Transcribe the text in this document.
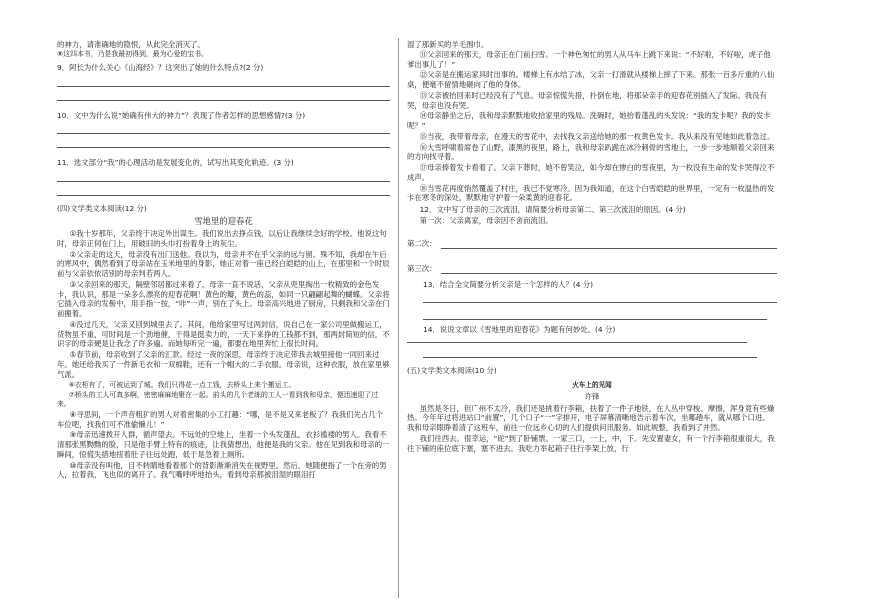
的神力，请准确地的隐恨，从此完全消灭了。

⑧这四本书，乃是我最初得到，最为心爱的宝书。

9．阿长为什么关心《山海经》？这突出了她的什么特点?(2 分)

10．文中为什么说“她确有伟大的神力”？表现了作者怎样的思想感情?(3 分)

11．选文部分“我”的心理活动是发展变化的，试写出其变化轨迹。(3 分)

(四)文学类文本阅读(12 分)

雪地里的迎春花

①我十岁那年，父亲终于决定外出谋生。我们说出去挣点钱，以后让我继续念好的学校。他说这句时，母亲正伺在门上，用破旧的头巾打扮着身上的灰尘。

②父亲走的这天，母亲没有出门送他。我以为，母亲并不在乎父亲的远与留。殊不知，我却在午后的寒风中，偶然看到了母亲站在玉米地里的身影，她正对着一座已经白皑皑的山上，在那里和一个时辰前与父亲依依话别的母亲判若两人。

③父亲回来的那天，隔壁邻居都过来看了。母亲一直不说话，父亲从兜里掏出一枚精致的金色发卡，我认识，那是一朵多么漂亮的迎春花啊！黄色的瓣，黄色的蕊，如同一只翩翩起舞的蝴蝶。父亲将它插入母亲的发髻中，用手指一按，“咔”一声，别在了头上。母亲高兴地进了厨房，只剩我和父亲在门前搬着。

④没过几天，父亲又回到城里去了。其间，他给家里写过两封信，说自己在一家公司里做搬运工，货物虽不重，可时间是一个劲地催，干得是挺卖力的，一天下来挣的工钱都不到，那两封简短的信，不识字的母亲硬是让我念了许多遍。而她每听完一遍，都要在地里奔忙上很长时间。

⑤春节前，母亲收到了父亲的汇款。经过一夜的深思，母亲终于决定带我去城里接他一同回来过年。她还给我买了一件新毛衣和一双棉鞋，还有一个帽大的二手衣服。母亲说，这种衣服，放在家里够气派。

⑥衣柜有了，可被运到了城。我们只得花一点工钱，去桥头上来个搬运工。

⑦桥头的工人可真多啊，密密麻麻地聚在一起。前头的几个老练的工人一看到我和母亲，便迅速迎了过来。

⑧寻思间，一个声音粗犷的男人对着密集的小工打趣：“哪，是不是又来老板了？我我们先占几个车位吧，找我们可不准偷懒儿！”

⑨母亲迅速拨开人群，循声望去。不远处的空地上，坐着一个头发蓬乱，衣衫褴褛的男人。我看不清那张黑黝黝的脸，只是他手臂上特有的痕迹，让我猜想出，他便是我的父亲。他在见到我和母亲的一瞬间，惊慌失措地扭着肚子往远处跑，低于是急着上厕所。

⑩母亲没有叫他，目不转睛地看着那个的背影渐渐消失在视野里。然后，她随便指了一个在旁的男人，拉着我，飞也似的离开了。我气嘴呼呼地抬头，看到母亲那被泪湿的眼泪打

湿了那新买的羊毛围巾。

⑪父亲回来的那天，母亲正在门前扫雪。一个神色匆忙的男人从马车上跳下来说：“不好啦，不好啦，虎子他爹出事儿了！”

⑫父亲是在搬运家具时出事的。楼梯上有水结了冰，父亲一打滑就从楼梯上摔了下来。那张一百多斤重的八仙桌，便毫不留情地砸向了他的身体。

⑬父亲被抬回来时已经没有了气息。母亲惊慌失措，扑倒在地，将那朵亲手的迎春花别插入了发际。我没有哭，母亲也没有哭。

⑭母亲静坐之后，我和母亲默默地收拾家里的残局。洗碗时，她抬着蓬乱的头发说：“我的发卡呢？我的发卡呢？”

⑮当夜，我带着母亲，在漫天的雪花中，去找我父亲送给她的那一枚黄色发卡。我从来没有见她如此着急过。

⑯大雪呼啸着席卷了山野，漆黑的夜里，路上，我和母亲趴跪在冰冷刺骨的雪地上，一步一步地顺着父亲回来的方向找寻着。

⑰母亲捧着发卡看着了。父亲下葬时，她不曾笑泣，如今却在惨白的雪夜里，为一枚没有生命的发卡哭得泣不成声。

⑱当雪花再度悄然覆盖了村庄，我已不觉寒冷。因为我知道，在这个白雪皑皑的世界里，一定有一枚温热的发卡在寒冬的深处，默默地守护着一朵柔黄的迎春花。

12．文中写了母亲的三次流泪，请简要分析母亲第二、第三次流泪的原因。(4 分)

第一次：父亲离家，母亲因不舍而流泪。

第二次：
第三次：

13．结合全文简要分析父亲是一个怎样的人？(4 分)

14．说说文章以《雪地里的迎春花》为题有何妙处。(4 分)

(五)文学类文本阅读(10 分)

火车上的见闻

许锋

虽然是冬日，但广州不太冷，我们还是挑着行李箱，扶着了一件子地铁，在人丛中穿梭、摩擦，浑身竟有些燥热。今年年过将进站口“前置”，几个口子“一”字排开，电子屏幕清晰地告示着车次，坐哪趟车，就从哪个口进。我和母亲眼睁着清了这班车，前往一位远乡心切的人们提供问讯服务。如此规整，我看到了井然。

我们往西去。很幸运，“砣”到了卧铺票。一家三口，一上，中，下。先安置妻女，有一个行李箱很重很大，我往下铺的座位底下塞，塞不进去。我吃力举起箱子往行李架上放，行
